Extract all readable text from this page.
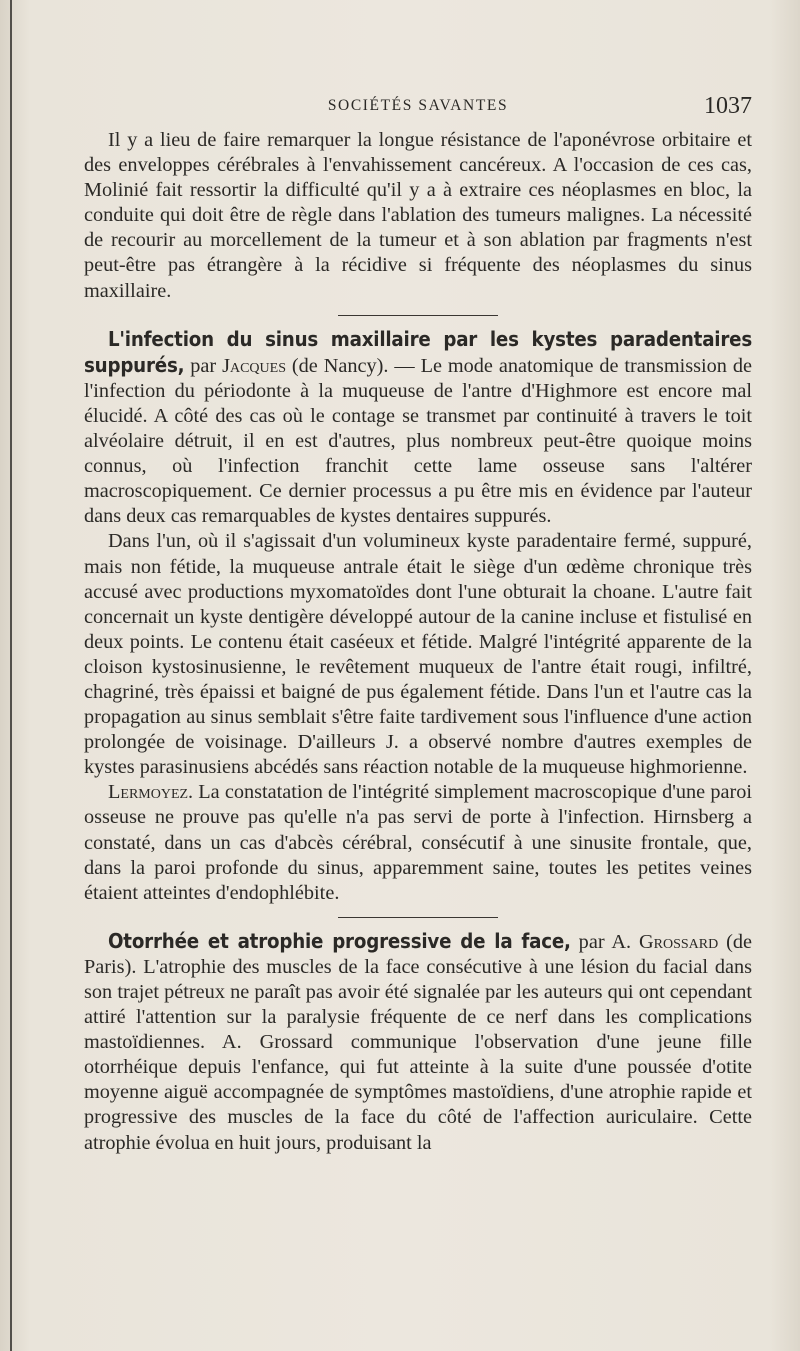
SOCIÉTÉS SAVANTES	1037

Il y a lieu de faire remarquer la longue résistance de l'aponévrose orbitaire et des enveloppes cérébrales à l'envahissement cancéreux. A l'occasion de ces cas, Molinié fait ressortir la difficulté qu'il y a à extraire ces néoplasmes en bloc, la conduite qui doit être de règle dans l'ablation des tumeurs malignes. La nécessité de recourir au morcellement de la tumeur et à son ablation par fragments n'est peut-être pas étrangère à la récidive si fréquente des néoplasmes du sinus maxillaire.

L'infection du sinus maxillaire par les kystes paradentaires suppurés, par Jacques (de Nancy). — Le mode anatomique de transmission de l'infection du périodonte à la muqueuse de l'antre d'Highmore est encore mal élucidé. A côté des cas où le contage se transmet par continuité à travers le toit alvéolaire détruit, il en est d'autres, plus nombreux peut-être quoique moins connus, où l'infection franchit cette lame osseuse sans l'altérer macroscopiquement. Ce dernier processus a pu être mis en évidence par l'auteur dans deux cas remarquables de kystes dentaires suppurés.

Dans l'un, où il s'agissait d'un volumineux kyste paradentaire fermé, suppuré, mais non fétide, la muqueuse antrale était le siège d'un œdème chronique très accusé avec productions myxomatoïdes dont l'une obturait la choane. L'autre fait concernait un kyste dentigère développé autour de la canine incluse et fistulisé en deux points. Le contenu était caséeux et fétide. Malgré l'intégrité apparente de la cloison kystosinusienne, le revêtement muqueux de l'antre était rougi, infiltré, chagriné, très épaissi et baigné de pus également fétide. Dans l'un et l'autre cas la propagation au sinus semblait s'être faite tardivement sous l'influence d'une action prolongée de voisinage. D'ailleurs J. a observé nombre d'autres exemples de kystes parasinusiens abcédés sans réaction notable de la muqueuse highmorienne.

Lermoyez. La constatation de l'intégrité simplement macroscopique d'une paroi osseuse ne prouve pas qu'elle n'a pas servi de porte à l'infection. Hirnsberg a constaté, dans un cas d'abcès cérébral, consécutif à une sinusite frontale, que, dans la paroi profonde du sinus, apparemment saine, toutes les petites veines étaient atteintes d'endophlébite.

Otorrhée et atrophie progressive de la face, par A. Grossard (de Paris). L'atrophie des muscles de la face consécutive à une lésion du facial dans son trajet pétreux ne paraît pas avoir été signalée par les auteurs qui ont cependant attiré l'attention sur la paralysie fréquente de ce nerf dans les complications mastoïdiennes. A. Grossard communique l'observation d'une jeune fille otorrhéique depuis l'enfance, qui fut atteinte à la suite d'une poussée d'otite moyenne aiguë accompagnée de symptômes mastoïdiens, d'une atrophie rapide et progressive des muscles de la face du côté de l'affection auriculaire. Cette atrophie évolua en huit jours, produisant la
